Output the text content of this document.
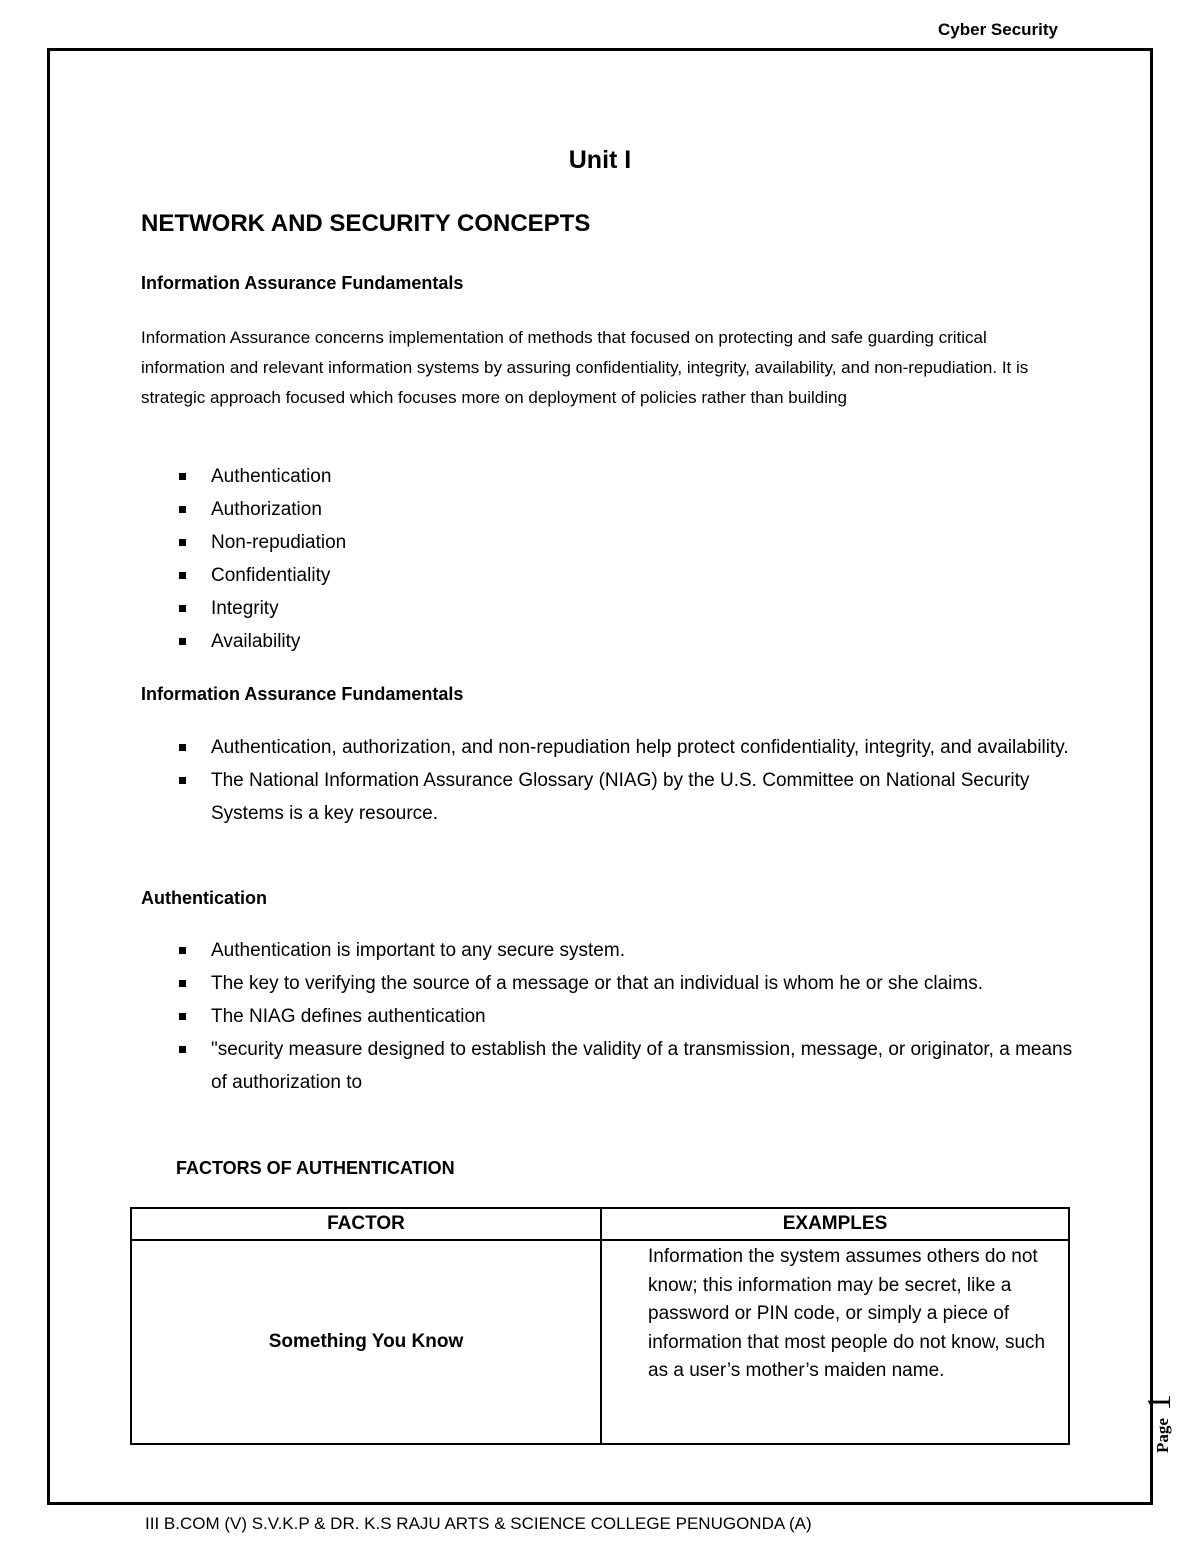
Cyber Security
Unit I
NETWORK AND SECURITY CONCEPTS
Information Assurance Fundamentals
Information Assurance concerns implementation of methods that focused on protecting and safe guarding critical information and relevant information systems by assuring confidentiality, integrity, availability, and non-repudiation. It is strategic approach focused which focuses more on deployment of policies rather than building
Authentication
Authorization
Non-repudiation
Confidentiality
Integrity
Availability
Information Assurance Fundamentals
Authentication, authorization, and non-repudiation help protect confidentiality, integrity, and availability.
The National Information Assurance Glossary (NIAG) by the U.S. Committee on National Security Systems is a key resource.
Authentication
Authentication is important to any secure system.
The key to verifying the source of a message or that an individual is whom he or she claims.
The NIAG defines authentication
"security measure designed to establish the validity of a transmission, message, or originator, a means of authorization to
FACTORS OF AUTHENTICATION
FACTOR	EXAMPLES
Something You Know	Information the system assumes others do not know; this information may be secret, like a password or PIN code, or simply a piece of information that most people do not know, such as a user’s mother’s maiden name.
Page
1
III B.COM (V) S.V.K.P & DR. K.S RAJU ARTS & SCIENCE COLLEGE PENUGONDA (A)
